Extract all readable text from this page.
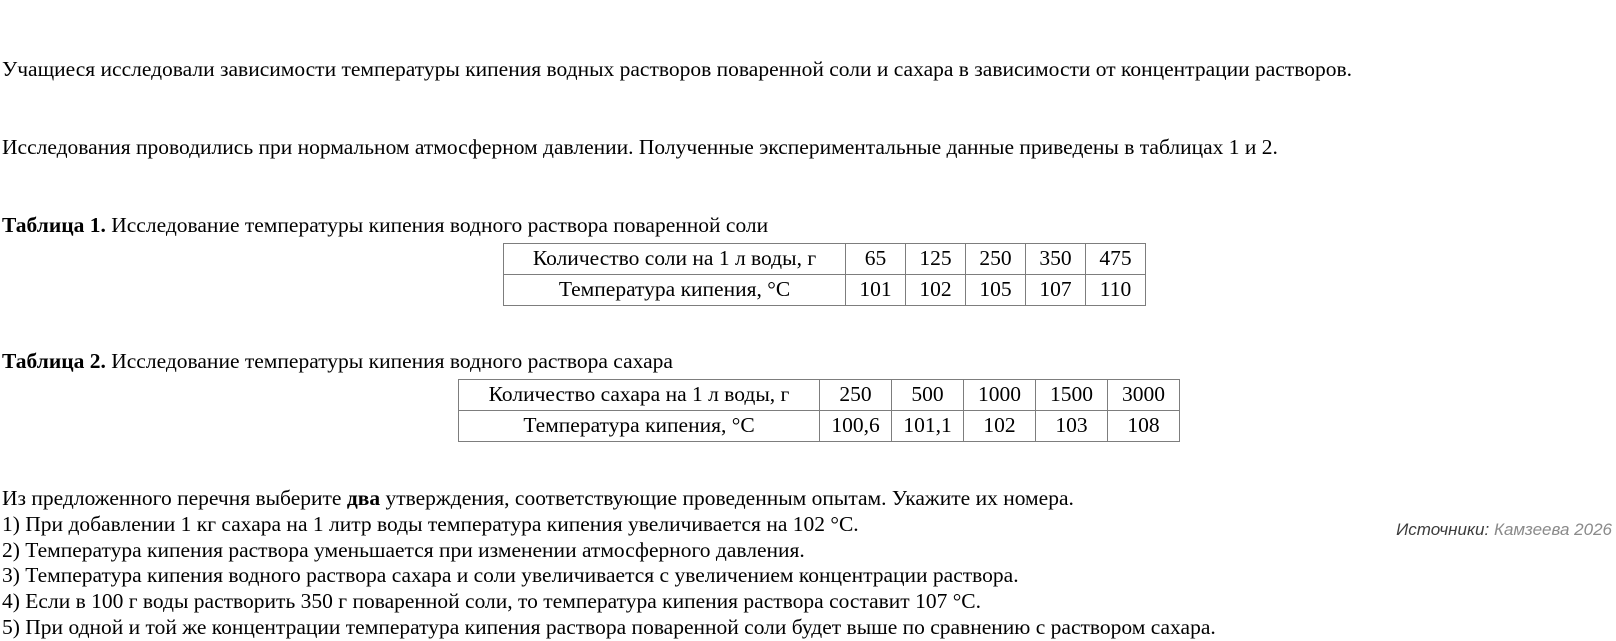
Учащиеся исследовали зависимости температуры кипения водных растворов поваренной соли и сахара в зависимости от концентрации растворов.

Исследования проводились при нормальном атмосферном давлении. Полученные экспериментальные данные приведены в таблицах 1 и 2.

Таблица 1. Исследование температуры кипения водного раствора поваренной соли
Количество соли на 1 л воды, г	65	125	250	350	475
Температура кипения, °C	101	102	105	107	110
Таблица 2. Исследование температуры кипения водного раствора сахара
Количество сахара на 1 л воды, г	250	500	1000	1500	3000
Температура кипения, °C	100,6	101,1	102	103	108
Из предложенного перечня выберите два утверждения, соответствующие проведенным опытам. Укажите их номера.
1) При добавлении 1 кг сахара на 1 литр воды температура кипения увеличивается на 102 °C.
2) Температура кипения раствора уменьшается при изменении атмосферного давления.
3) Температура кипения водного раствора сахара и соли увеличивается с увеличением концентрации раствора.
4) Если в 100 г воды растворить 350 г поваренной соли, то температура кипения раствора составит 107 °C.
5) При одной и той же концентрации температура кипения раствора поваренной соли будет выше по сравнению с раствором сахара.
Источники: Камзеева 2026
